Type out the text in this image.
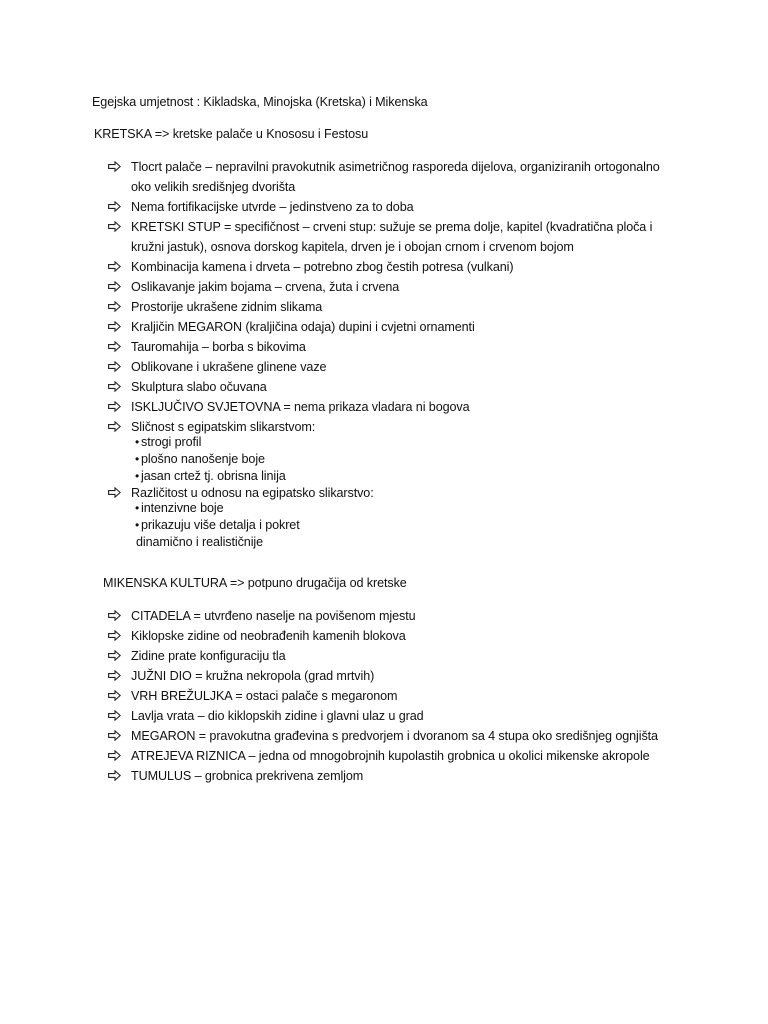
Egejska umjetnost : Kikladska, Minojska (Kretska) i Mikenska
KRETSKA => kretske palače u Knososu i Festosu
Tlocrt palače – nepravilni pravokutnik asimetričnog rasporeda dijelova, organiziranih ortogonalno
oko velikih središnjeg dvorišta
Nema fortifikacijske utvrde – jedinstveno za to doba
KRETSKI STUP = specifičnost – crveni stup: sužuje se prema dolje, kapitel (kvadratična ploča i
kružni jastuk), osnova dorskog kapitela, drven je i obojan crnom i crvenom bojom
Kombinacija kamena i drveta – potrebno zbog čestih potresa (vulkani)
Oslikavanje jakim bojama – crvena, žuta i crvena
Prostorije ukrašene zidnim slikama
Kraljičin MEGARON (kraljičina odaja) dupini i cvjetni ornamenti
Tauromahija – borba s bikovima
Oblikovane i ukrašene glinene vaze
Skulptura slabo očuvana
ISKLJUČIVO SVJETOVNA = nema prikaza vladara ni bogova
Sličnost s egipatskim slikarstvom:
• strogi profil
• plošno nanošenje boje
• jasan crtež tj. obrisna linija
Različitost u odnosu na egipatsko slikarstvo:
• intenzivne boje
• prikazuju više detalja i pokret
dinamično i realističnije
MIKENSKA KULTURA => potpuno drugačija od kretske
CITADELA = utvrđeno naselje na povišenom mjestu
Kiklopske zidine od neobrađenih kamenih blokova
Zidine prate konfiguraciju tla
JUŽNI DIO = kružna nekropola (grad mrtvih)
VRH BREŽULJKA = ostaci palače s megaronom
Lavlja vrata – dio kiklopskih zidine i glavni ulaz u grad
MEGARON = pravokutna građevina s predvorjem i dvoranom sa 4 stupa oko središnjeg ognjišta
ATREJEVA RIZNICA – jedna od mnogobrojnih kupolastih grobnica u okolici mikenske akropole
TUMULUS – grobnica prekrivena zemljom
